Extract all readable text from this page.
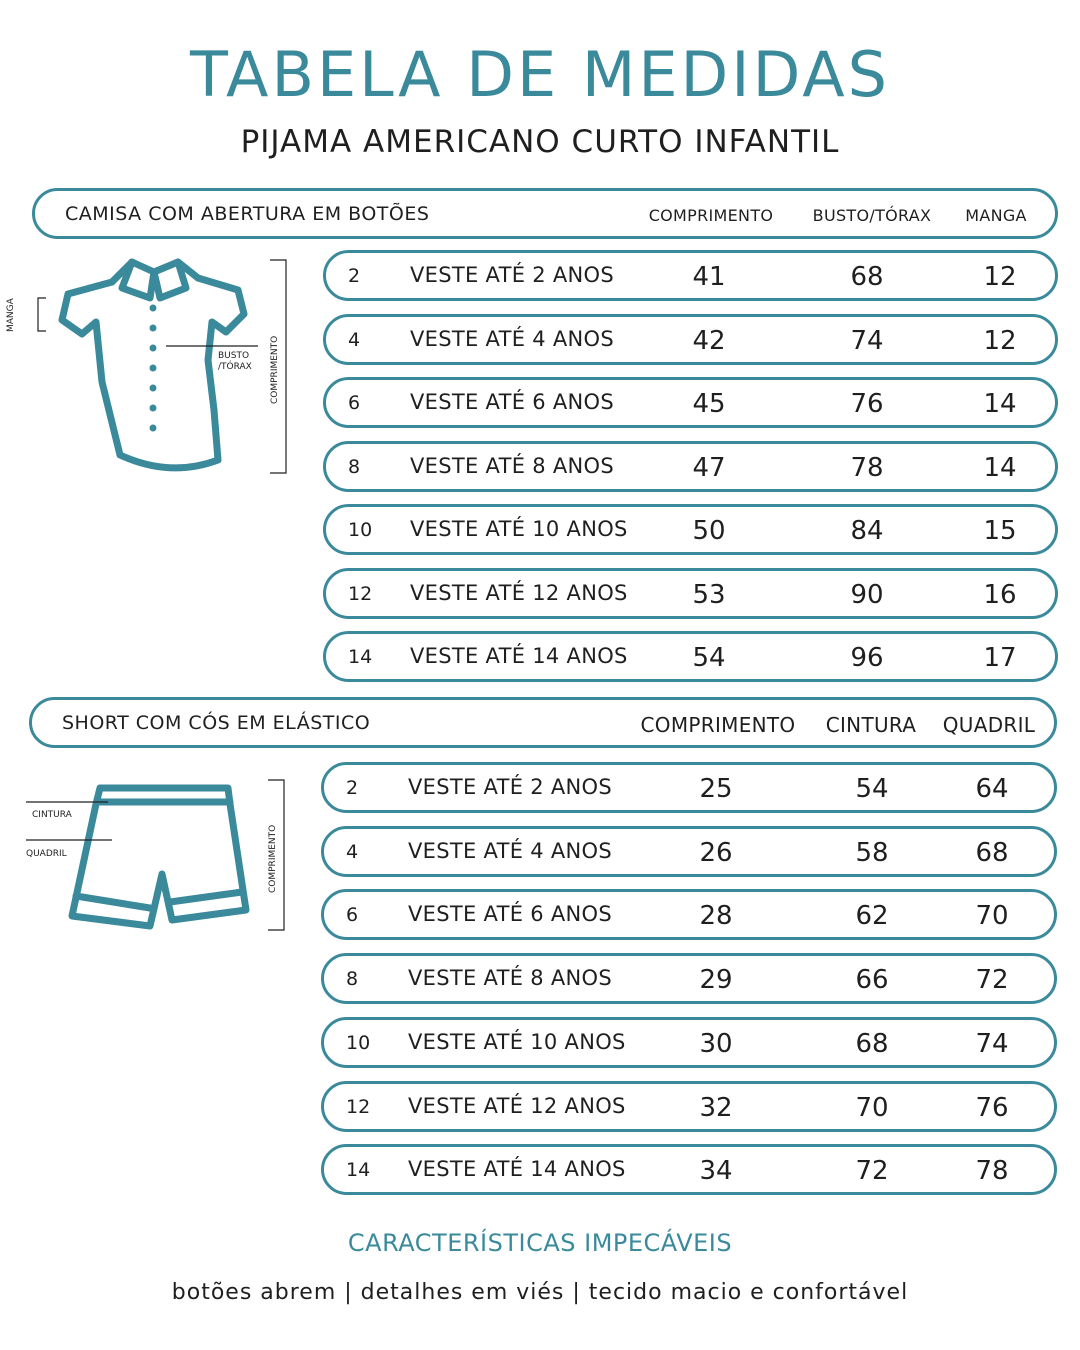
TABELA DE MEDIDAS
PIJAMA AMERICANO CURTO INFANTIL
CAMISA COM ABERTURA EM BOTÕES	COMPRIMENTO	BUSTO/TÓRAX	MANGA
MANGA
BUSTO
/TÓRAX COMPRIMENTO
2 VESTE ATÉ 2 ANOS	41	68	12
4 VESTE ATÉ 4 ANOS	42	74	12
6 VESTE ATÉ 6 ANOS	45	76	14
8 VESTE ATÉ 8 ANOS	47	78	14
10 VESTE ATÉ 10 ANOS	50	84	15
12 VESTE ATÉ 12 ANOS	53	90	16
14 VESTE ATÉ 14 ANOS	54	96	17
SHORT COM CÓS EM ELÁSTICO	COMPRIMENTO	CINTURA	QUADRIL
CINTURA
QUADRIL	COMPRIMENTO
2 VESTE ATÉ 2 ANOS	25	54	64
4 VESTE ATÉ 4 ANOS	26	58	68
6 VESTE ATÉ 6 ANOS	28	62	70
8 VESTE ATÉ 8 ANOS	29	66	72
10 VESTE ATÉ 10 ANOS	30	68	74
12 VESTE ATÉ 12 ANOS	32	70	76
14 VESTE ATÉ 14 ANOS	34	72	78
CARACTERÍSTICAS IMPECÁVEIS
botões abrem | detalhes em viés | tecido macio e confortável
